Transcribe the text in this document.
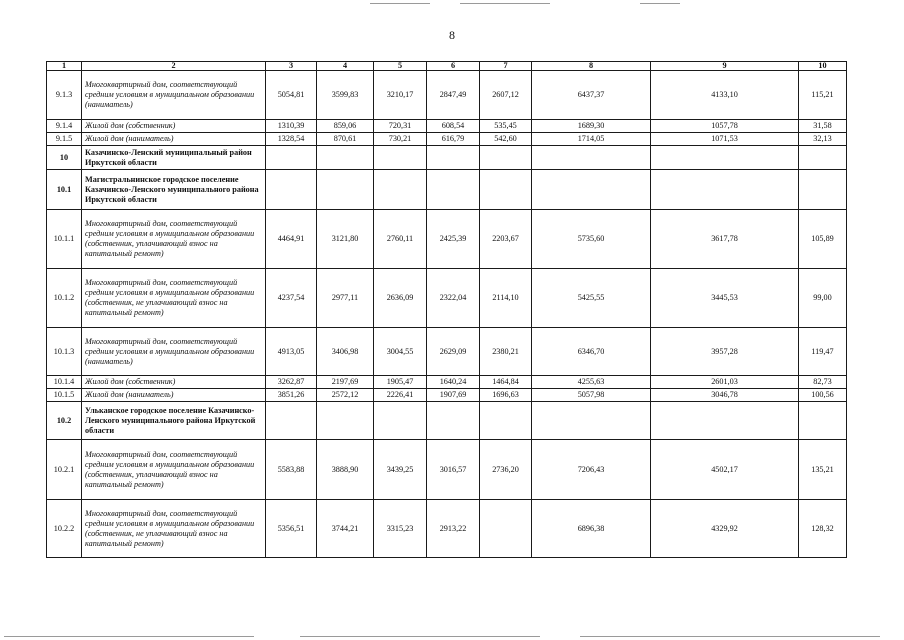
8
1	2	3	4	5	6	7	8	9	10
9.1.3	Многоквартирный дом, соответствующий средним условиям в муниципальном образовании (наниматель)	5054,81	3599,83	3210,17	2847,49	2607,12	6437,37	4133,10	115,21
9.1.4	Жилой дом (собственник)	1310,39	859,06	720,31	608,54	535,45	1689,30	1057,78	31,58
9.1.5	Жилой дом (наниматель)	1328,54	870,61	730,21	616,79	542,60	1714,05	1071,53	32,13
10	Казачинско-Ленский муниципальный район Иркутской области								
10.1	Магистральнинское городское поселение Казачинско-Ленского муниципального района Иркутской области								
10.1.1	Многоквартирный дом, соответствующий средним условиям в муниципальном образовании (собственник, уплачивающий взнос на капитальный ремонт)	4464,91	3121,80	2760,11	2425,39	2203,67	5735,60	3617,78	105,89
10.1.2	Многоквартирный дом, соответствующий средним условиям в муниципальном образовании (собственник, не уплачивающий взнос на капитальный ремонт)	4237,54	2977,11	2636,09	2322,04	2114,10	5425,55	3445,53	99,00
10.1.3	Многоквартирный дом, соответствующий средним условиям в муниципальном образовании (наниматель)	4913,05	3406,98	3004,55	2629,09	2380,21	6346,70	3957,28	119,47
10.1.4	Жилой дом (собственник)	3262,87	2197,69	1905,47	1640,24	1464,84	4255,63	2601,03	82,73
10.1.5	Жилой дом (наниматель)	3851,26	2572,12	2226,41	1907,69	1696,63	5057,98	3046,78	100,56
10.2	Ульканское городское поселение Казачинско-Ленского муниципального района Иркутской области								
10.2.1	Многоквартирный дом, соответствующий средним условиям в муниципальном образовании (собственник, уплачивающий взнос на капитальный ремонт)	5583,88	3888,90	3439,25	3016,57	2736,20	7206,43	4502,17	135,21
10.2.2	Многоквартирный дом, соответствующий средним условиям в муниципальном образовании (собственник, не уплачивающий взнос на капитальный ремонт)	5356,51	3744,21	3315,23	2913,22		6896,38	4329,92	128,32
